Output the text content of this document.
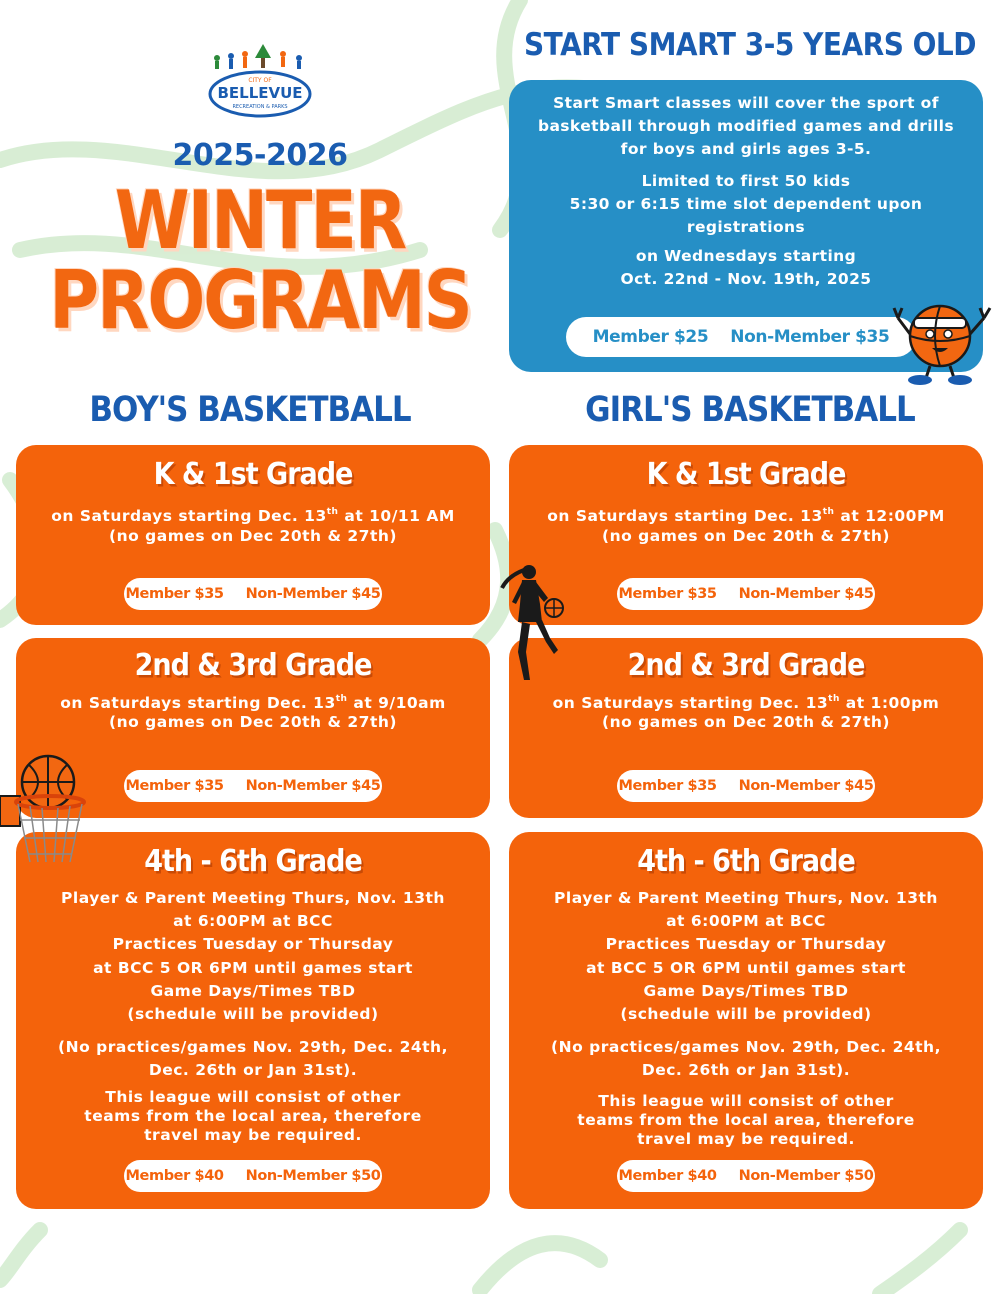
CITY OF
BELLEVUE
RECREATION & PARKS
2025-2026
WINTER
PROGRAMS
START SMART 3-5 YEARS OLD
Start Smart classes will cover the sport of basketball through modified games and drills for boys and girls ages 3-5.
Limited to first 50 kids
5:30 or 6:15 time slot dependent upon registrations
on Wednesdays starting
Oct. 22nd - Nov. 19th, 2025
Member $25 Non-Member $35
BOY'S BASKETBALL	GIRL'S BASKETBALL
K & 1st Grade
on Saturdays starting Dec. 13th at 10/11 AM
(no games on Dec 20th & 27th)
Member $35 Non-Member $45
K & 1st Grade
on Saturdays starting Dec. 13th at 12:00PM
(no games on Dec 20th & 27th)
Member $35 Non-Member $45
2nd & 3rd Grade
on Saturdays starting Dec. 13th at 9/10am
(no games on Dec 20th & 27th)
Member $35 Non-Member $45
2nd & 3rd Grade
on Saturdays starting Dec. 13th at 1:00pm
(no games on Dec 20th & 27th)
Member $35 Non-Member $45
4th - 6th Grade
Player & Parent Meeting Thurs, Nov. 13th
at 6:00PM at BCC
Practices Tuesday or Thursday
at BCC 5 OR 6PM until games start
Game Days/Times TBD
(schedule will be provided)
(No practices/games Nov. 29th, Dec. 24th,
Dec. 26th or Jan 31st).
This league will consist of other
teams from the local area, therefore
travel may be required.
Member $40 Non-Member $50
4th - 6th Grade
Player & Parent Meeting Thurs, Nov. 13th
at 6:00PM at BCC
Practices Tuesday or Thursday
at BCC 5 OR 6PM until games start
Game Days/Times TBD
(schedule will be provided)
(No practices/games Nov. 29th, Dec. 24th,
Dec. 26th or Jan 31st).
This league will consist of other
teams from the local area, therefore
travel may be required.
Member $40 Non-Member $50
